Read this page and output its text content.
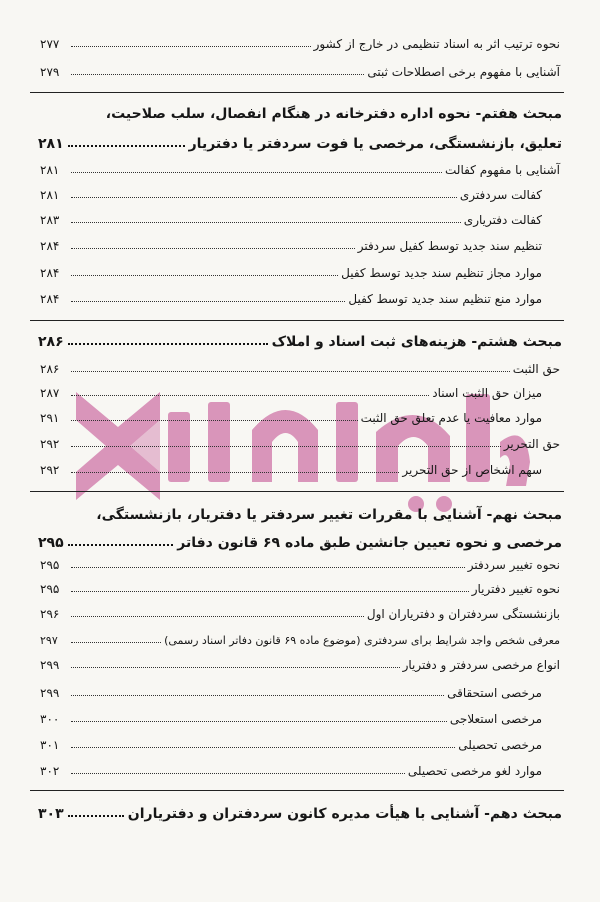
نحوه ترتیب اثر به اسناد تنظیمی در خارج از کشور
۲۷۷
آشنایی با مفهوم برخی اصطلاحات ثبتی
۲۷۹
مبحث هفتم- نحوه اداره دفترخانه در هنگام انفصال، سلب صلاحیت،
تعلیق، بازنشستگی، مرخصی یا فوت سردفتر یا دفتریار
۲۸۱
آشنایی با مفهوم کفالت
۲۸۱
کفالت سردفتری
۲۸۱
کفالت دفتریاری
۲۸۳
تنظیم سند جدید توسط کفیل سردفتر
۲۸۴
موارد مجاز تنظیم سند جدید توسط کفیل
۲۸۴
موارد منع تنظیم سند جدید توسط کفیل
۲۸۴
مبحث هشتم- هزینه‌های ثبت اسناد و املاک
۲۸۶
حق الثبت
۲۸۶
میزان حق الثبت اسناد
۲۸۷
موارد معافیت یا عدم تعلق حق الثبت
۲۹۱
حق التحریر
۲۹۲
سهم اشخاص از حق التحریر
۲۹۲
مبحث نهم- آشنایی با مقررات تغییر سردفتر یا دفتریار، بازنشستگی،
مرخصی و نحوه تعیین جانشین طبق ماده ۶۹ قانون دفاتر
۲۹۵
نحوه تغییر سردفتر
۲۹۵
نحوه تغییر دفتریار
۲۹۵
بازنشستگی سردفتران و دفتریاران اول
۲۹۶
معرفی شخص واجد شرایط برای سردفتری (موضوع ماده ۶۹ قانون دفاتر اسناد رسمی)
۲۹۷
انواع مرخصی سردفتر و دفتریار
۲۹۹
مرخصی استحقاقی
۲۹۹
مرخصی استعلاجی
۳۰۰
مرخصی تحصیلی
۳۰۱
موارد لغو مرخصی تحصیلی
۳۰۲
مبحث دهم- آشنایی با هیأت مدیره کانون سردفتران و دفتریاران
۳۰۳
